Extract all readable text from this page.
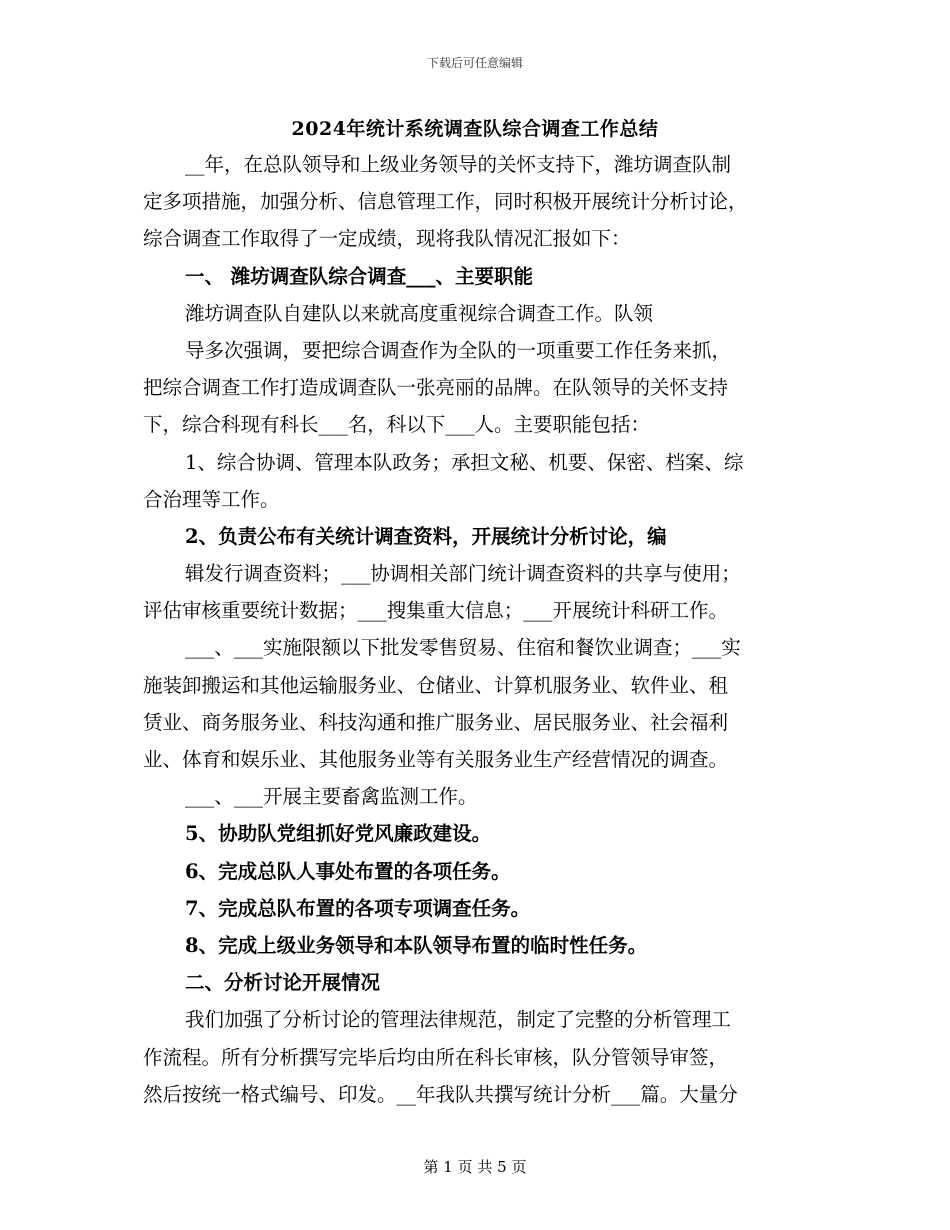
下载后可任意编辑
2024年统计系统调查队综合调查工作总结
__年，在总队领导和上级业务领导的关怀支持下，潍坊调查队制
定多项措施，加强分析、信息管理工作，同时积极开展统计分析讨论，
综合调查工作取得了一定成绩，现将我队情况汇报如下：
一、 潍坊调查队综合调查___、主要职能
潍坊调查队自建队以来就高度重视综合调查工作。队领
导多次强调，要把综合调查作为全队的一项重要工作任务来抓，
把综合调查工作打造成调查队一张亮丽的品牌。在队领导的关怀支持
下，综合科现有科长___名，科以下___人。主要职能包括：
1、综合协调、管理本队政务；承担文秘、机要、保密、档案、综
合治理等工作。
2、负责公布有关统计调查资料，开展统计分析讨论，编
辑发行调查资料；___协调相关部门统计调查资料的共享与使用；
评估审核重要统计数据；___搜集重大信息；___开展统计科研工作。
___、___实施限额以下批发零售贸易、住宿和餐饮业调查；___实
施装卸搬运和其他运输服务业、仓储业、计算机服务业、软件业、租
赁业、商务服务业、科技沟通和推广服务业、居民服务业、社会福利
业、体育和娱乐业、其他服务业等有关服务业生产经营情况的调查。
___、___开展主要畜禽监测工作。
5、协助队党组抓好党风廉政建设。
6、完成总队人事处布置的各项任务。
7、完成总队布置的各项专项调查任务。
8、完成上级业务领导和本队领导布置的临时性任务。
二、分析讨论开展情况
我们加强了分析讨论的管理法律规范，制定了完整的分析管理工
作流程。所有分析撰写完毕后均由所在科长审核，队分管领导审签，
然后按统一格式编号、印发。__年我队共撰写统计分析___篇。大量分
第 1 页 共 5 页
